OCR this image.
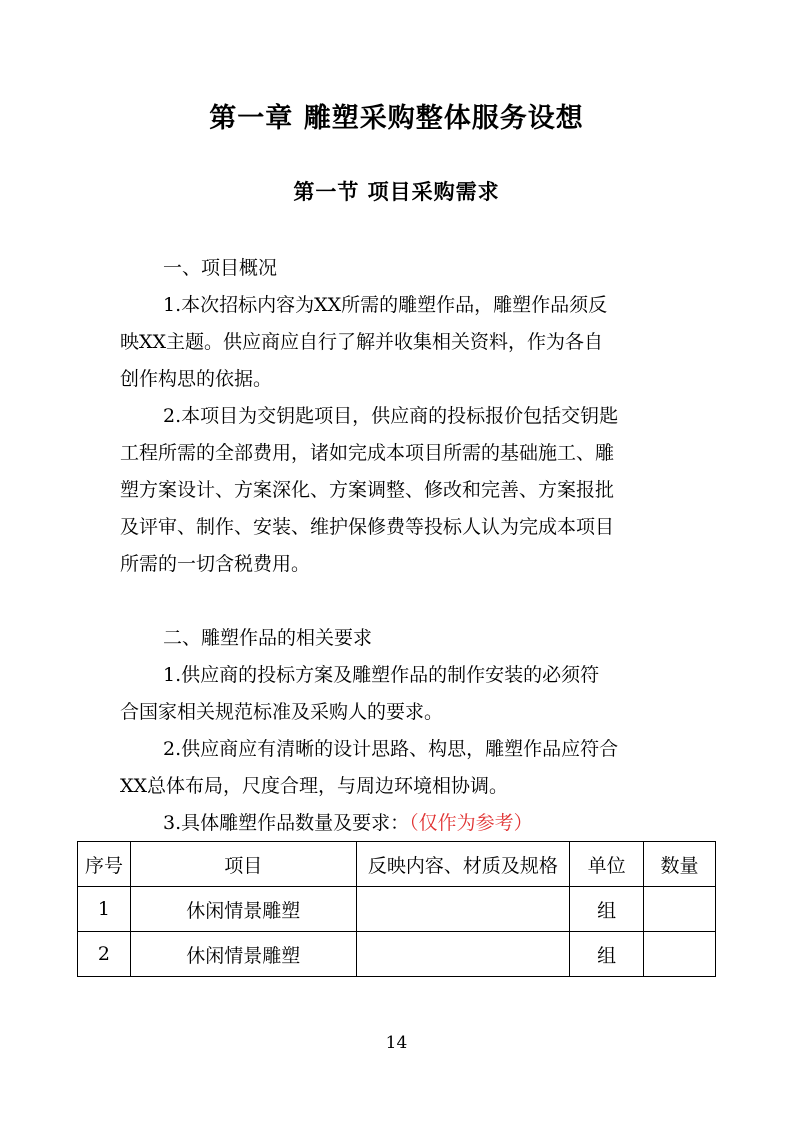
第一章 雕塑采购整体服务设想
第一节 项目采购需求
一、项目概况
1.本次招标内容为XX所需的雕塑作品，雕塑作品须反
映XX主题。供应商应自行了解并收集相关资料，作为各自
创作构思的依据。
2.本项目为交钥匙项目，供应商的投标报价包括交钥匙
工程所需的全部费用，诸如完成本项目所需的基础施工、雕
塑方案设计、方案深化、方案调整、修改和完善、方案报批
及评审、制作、安装、维护保修费等投标人认为完成本项目
所需的一切含税费用。
二、雕塑作品的相关要求
1.供应商的投标方案及雕塑作品的制作安装的必须符
合国家相关规范标准及采购人的要求。
2.供应商应有清晰的设计思路、构思，雕塑作品应符合
XX总体布局，尺度合理，与周边环境相协调。
3.具体雕塑作品数量及要求：（仅作为参考）
序号	项目	反映内容、材质及规格	单位	数量
1	休闲情景雕塑		组	
2	休闲情景雕塑		组	
14
